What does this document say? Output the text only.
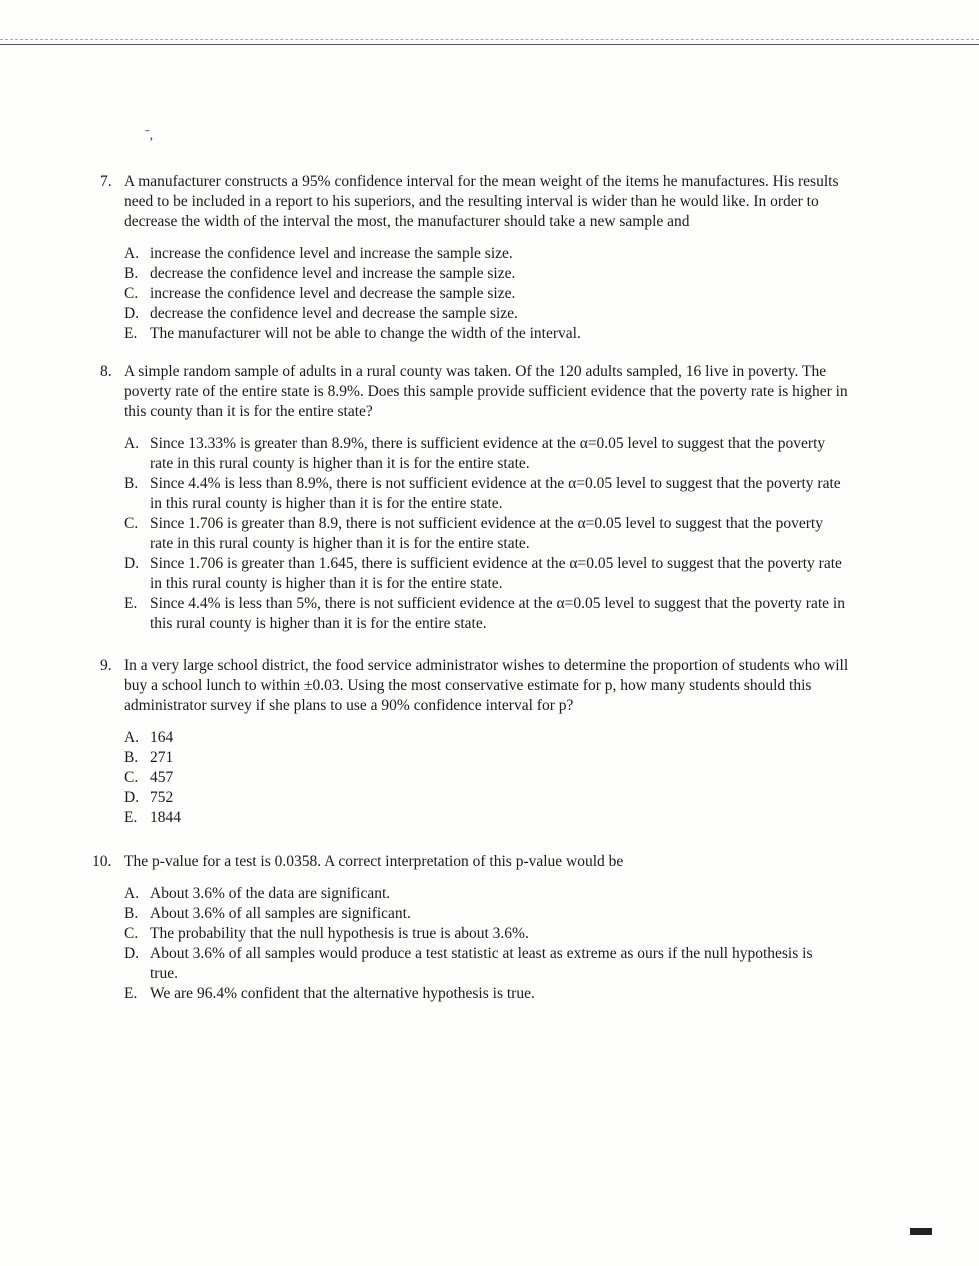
ˉ,
7. A manufacturer constructs a 95% confidence interval for the mean weight of the items he manufactures. His results need to be included in a report to his superiors, and the resulting interval is wider than he would like. In order to decrease the width of the interval the most, the manufacturer should take a new sample and
A. increase the confidence level and increase the sample size.
B. decrease the confidence level and increase the sample size.
C. increase the confidence level and decrease the sample size.
D. decrease the confidence level and decrease the sample size.
E. The manufacturer will not be able to change the width of the interval.
8. A simple random sample of adults in a rural county was taken. Of the 120 adults sampled, 16 live in poverty. The poverty rate of the entire state is 8.9%. Does this sample provide sufficient evidence that the poverty rate is higher in this county than it is for the entire state?
A. Since 13.33% is greater than 8.9%, there is sufficient evidence at the α=0.05 level to suggest that the poverty rate in this rural county is higher than it is for the entire state.
B. Since 4.4% is less than 8.9%, there is not sufficient evidence at the α=0.05 level to suggest that the poverty rate in this rural county is higher than it is for the entire state.
C. Since 1.706 is greater than 8.9, there is not sufficient evidence at the α=0.05 level to suggest that the poverty rate in this rural county is higher than it is for the entire state.
D. Since 1.706 is greater than 1.645, there is sufficient evidence at the α=0.05 level to suggest that the poverty rate in this rural county is higher than it is for the entire state.
E. Since 4.4% is less than 5%, there is not sufficient evidence at the α=0.05 level to suggest that the poverty rate in this rural county is higher than it is for the entire state.
9. In a very large school district, the food service administrator wishes to determine the proportion of students who will buy a school lunch to within ±0.03. Using the most conservative estimate for p, how many students should this administrator survey if she plans to use a 90% confidence interval for p?
A. 164
B. 271
C. 457
D. 752
E. 1844
10. The p-value for a test is 0.0358. A correct interpretation of this p-value would be
A. About 3.6% of the data are significant.
B. About 3.6% of all samples are significant.
C. The probability that the null hypothesis is true is about 3.6%.
D. About 3.6% of all samples would produce a test statistic at least as extreme as ours if the null hypothesis is true.
E. We are 96.4% confident that the alternative hypothesis is true.
